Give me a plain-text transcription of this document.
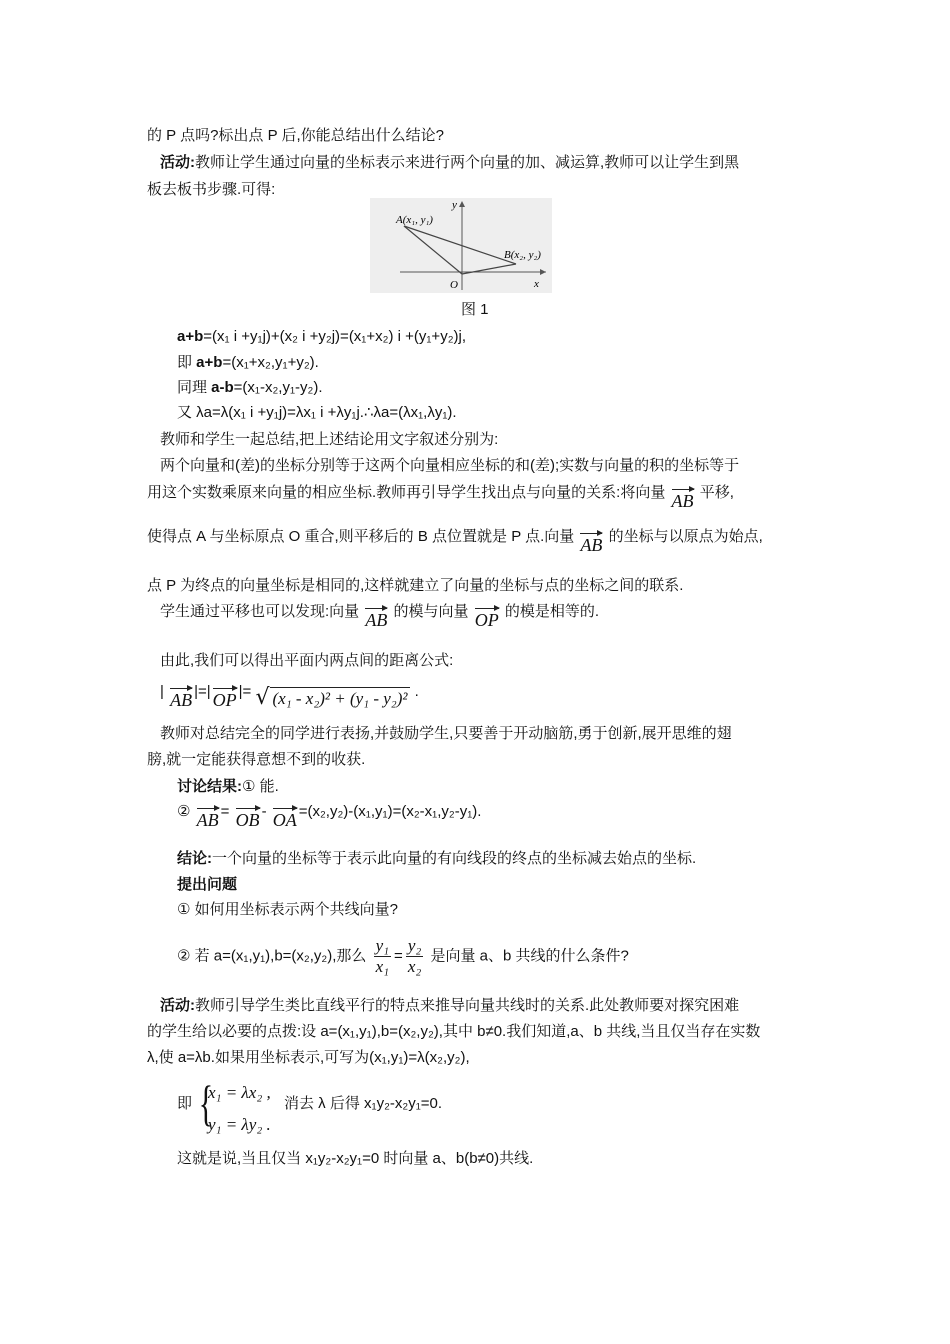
的 P 点吗?标出点 P 后,你能总结出什么结论?
活动:教师让学生通过向量的坐标表示来进行两个向量的加、减运算,教师可以让学生到黑
板去板书步骤.可得:
A(x₁, y₁)
B(x₂, y₂)
O	x
y
图 1
a+b=(x₁ i +y₁j)+(x₂ i +y₂j)=(x₁+x₂) i +(y₁+y₂)j,
即 a+b=(x₁+x₂,y₁+y₂).
同理 a-b=(x₁-x₂,y₁-y₂).
又 λa=λ(x₁ i +y₁j)=λx₁ i +λy₁j.∴λa=(λx₁,λy₁).
教师和学生一起总结,把上述结论用文字叙述分别为:
两个向量和(差)的坐标分别等于这两个向量相应坐标的和(差);实数与向量的积的坐标等于
用这个实数乘原来向量的相应坐标.教师再引导学生找出点与向量的关系:将向量 AB 平移,
使得点 A 与坐标原点 O 重合,则平移后的 B 点位置就是 P 点.向量 AB 的坐标与以原点为始点,
点 P 为终点的向量坐标是相同的,这样就建立了向量的坐标与点的坐标之间的联系.
学生通过平移也可以发现:向量 AB 的模与向量 OP 的模是相等的.
由此,我们可以得出平面内两点间的距离公式:
| AB |=| OP |= √ (x₁ - x₂)² + (y₁ - y₂)² .
教师对总结完全的同学进行表扬,并鼓励学生,只要善于开动脑筋,勇于创新,展开思维的翅
膀,就一定能获得意想不到的收获.
讨论结果:① 能.
② AB = OB - OA =(x₂,y₂)-(x₁,y₁)=(x₂-x₁,y₂-y₁).
结论:一个向量的坐标等于表示此向量的有向线段的终点的坐标减去始点的坐标.
提出问题
① 如何用坐标表示两个共线向量?
② 若 a=(x₁,y₁),b=(x₂,y₂),那么 $\frac{\text{y₁}}{\text{x₁}} = \frac{\text{y₂}}{\text{x₂}}$ 是向量 a、b 共线的什么条件?
活动:教师引导学生类比直线平行的特点来推导向量共线时的关系.此处教师要对探究困难
的学生给以必要的点拨:设 a=(x₁,y₁),b=(x₂,y₂),其中 b≠0.我们知道,a、b 共线,当且仅当存在实数
λ,使 a=λb.如果用坐标表示,可写为(x₁,y₁)=λ(x₂,y₂),
即 {
x₁ = λx₂ ,
y₁ = λy₂ .
消去 λ 后得 x₁y₂-x₂y₁=0.
这就是说,当且仅当 x₁y₂-x₂y₁=0 时向量 a、b(b≠0)共线.
